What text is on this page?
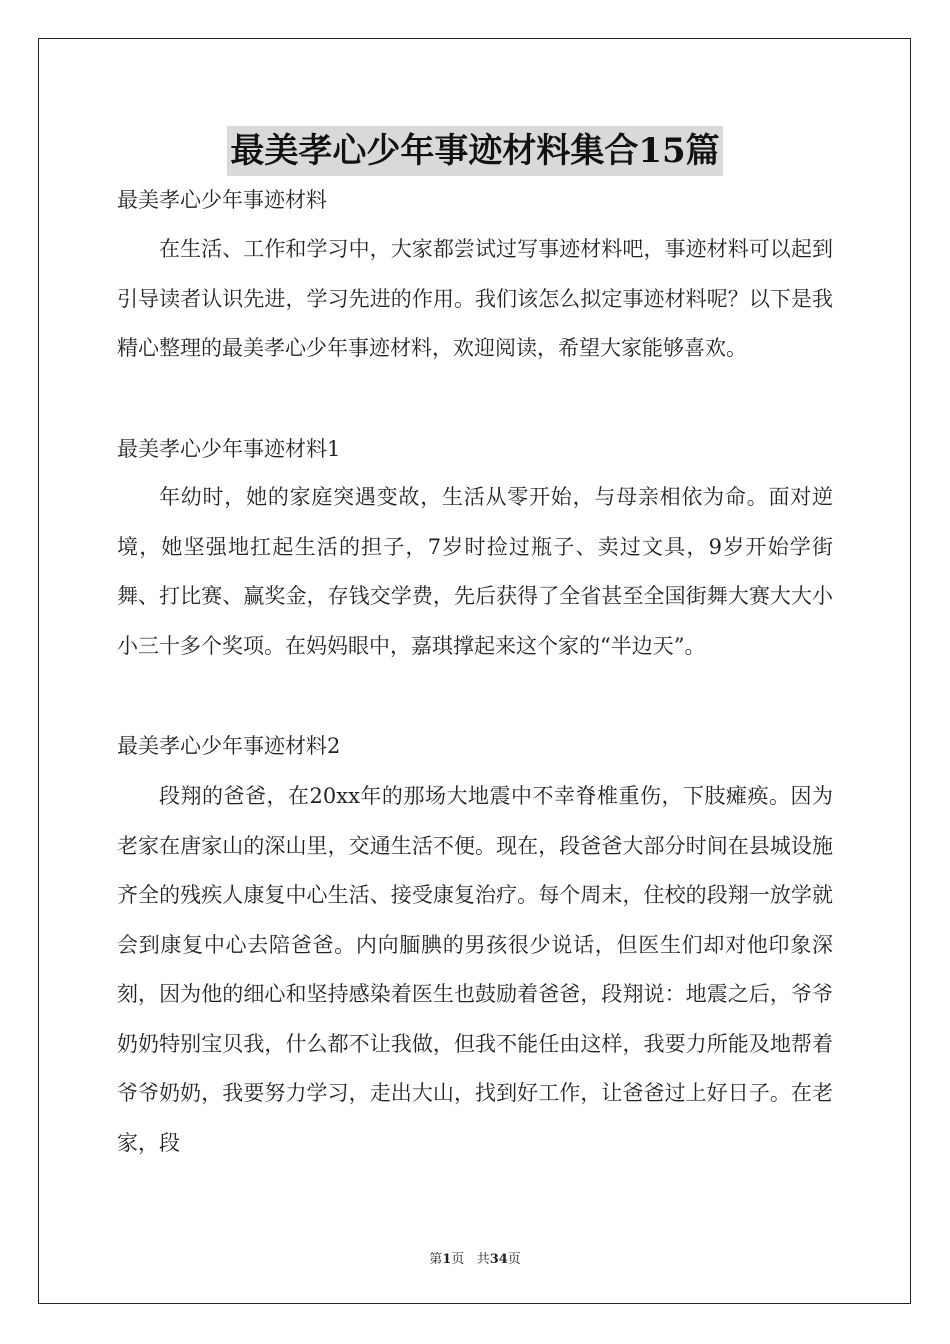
最美孝心少年事迹材料集合15篇
最美孝心少年事迹材料

在生活、工作和学习中，大家都尝试过写事迹材料吧，事迹材料可以起到引导读者认识先进，学习先进的作用。我们该怎么拟定事迹材料呢？以下是我精心整理的最美孝心少年事迹材料，欢迎阅读，希望大家能够喜欢。

最美孝心少年事迹材料1

年幼时，她的家庭突遇变故，生活从零开始，与母亲相依为命。面对逆境，她坚强地扛起生活的担子，7岁时捡过瓶子、卖过文具，9岁开始学街舞、打比赛、赢奖金，存钱交学费，先后获得了全省甚至全国街舞大赛大大小小三十多个奖项。在妈妈眼中，嘉琪撑起来这个家的“半边天”。

最美孝心少年事迹材料2

段翔的爸爸，在20xx年的那场大地震中不幸脊椎重伤，下肢瘫痪。因为老家在唐家山的深山里，交通生活不便。现在，段爸爸大部分时间在县城设施齐全的残疾人康复中心生活、接受康复治疗。每个周末，住校的段翔一放学就会到康复中心去陪爸爸。内向腼腆的男孩很少说话，但医生们却对他印象深刻，因为他的细心和坚持感染着医生也鼓励着爸爸，段翔说：地震之后，爷爷奶奶特别宝贝我，什么都不让我做，但我不能任由这样，我要力所能及地帮着爷爷奶奶，我要努力学习，走出大山，找到好工作，让爸爸过上好日子。在老家，段

第1页 共34页
